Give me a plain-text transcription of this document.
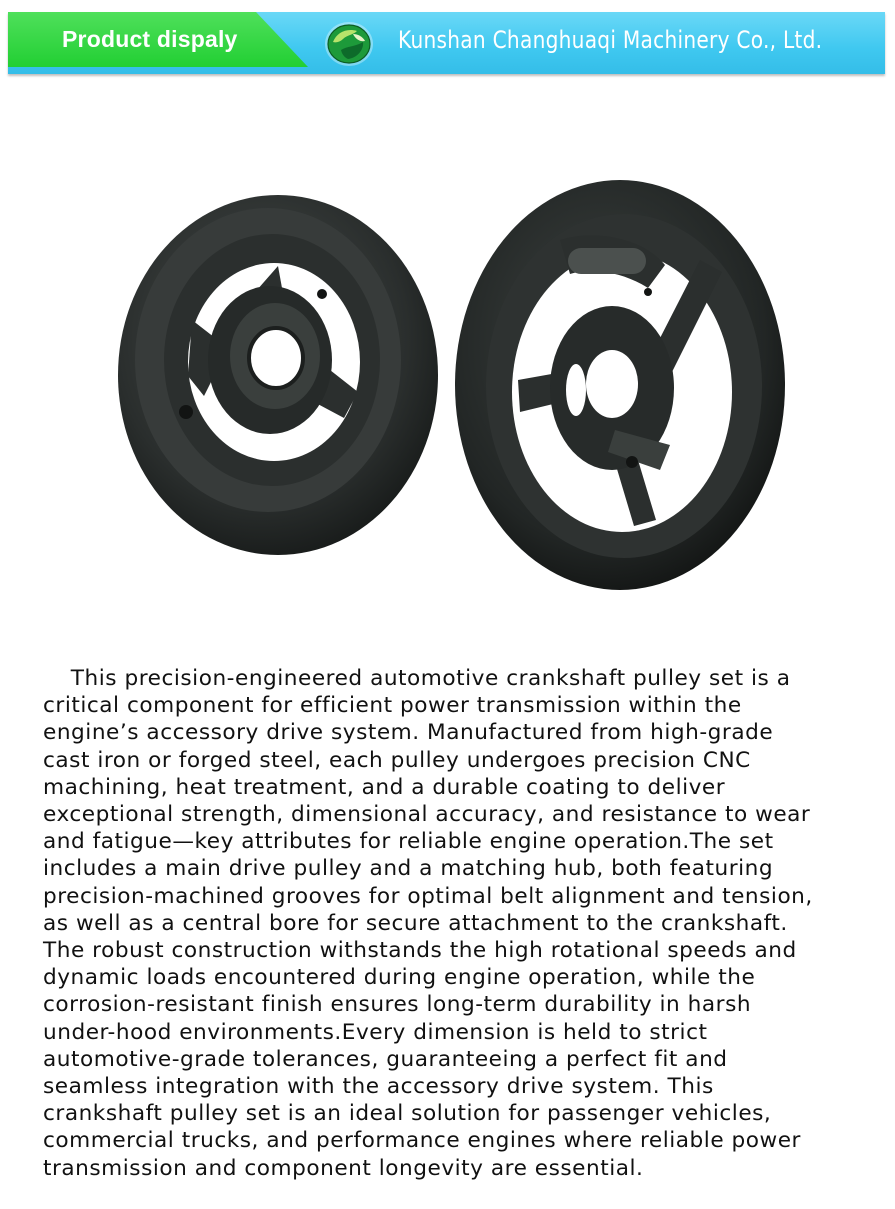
Product dispaly	Kunshan Changhuaqi Machinery Co., Ltd.

This precision-engineered automotive crankshaft pulley set is a
critical component for efficient power transmission within the
engine’s accessory drive system. Manufactured from high-grade
cast iron or forged steel, each pulley undergoes precision CNC
machining, heat treatment, and a durable coating to deliver
exceptional strength, dimensional accuracy, and resistance to wear
and fatigue—key attributes for reliable engine operation.The set
includes a main drive pulley and a matching hub, both featuring
precision-machined grooves for optimal belt alignment and tension,
as well as a central bore for secure attachment to the crankshaft.
The robust construction withstands the high rotational speeds and
dynamic loads encountered during engine operation, while the
corrosion-resistant finish ensures long-term durability in harsh
under-hood environments.Every dimension is held to strict
automotive-grade tolerances, guaranteeing a perfect fit and
seamless integration with the accessory drive system. This
crankshaft pulley set is an ideal solution for passenger vehicles,
commercial trucks, and performance engines where reliable power
transmission and component longevity are essential.
